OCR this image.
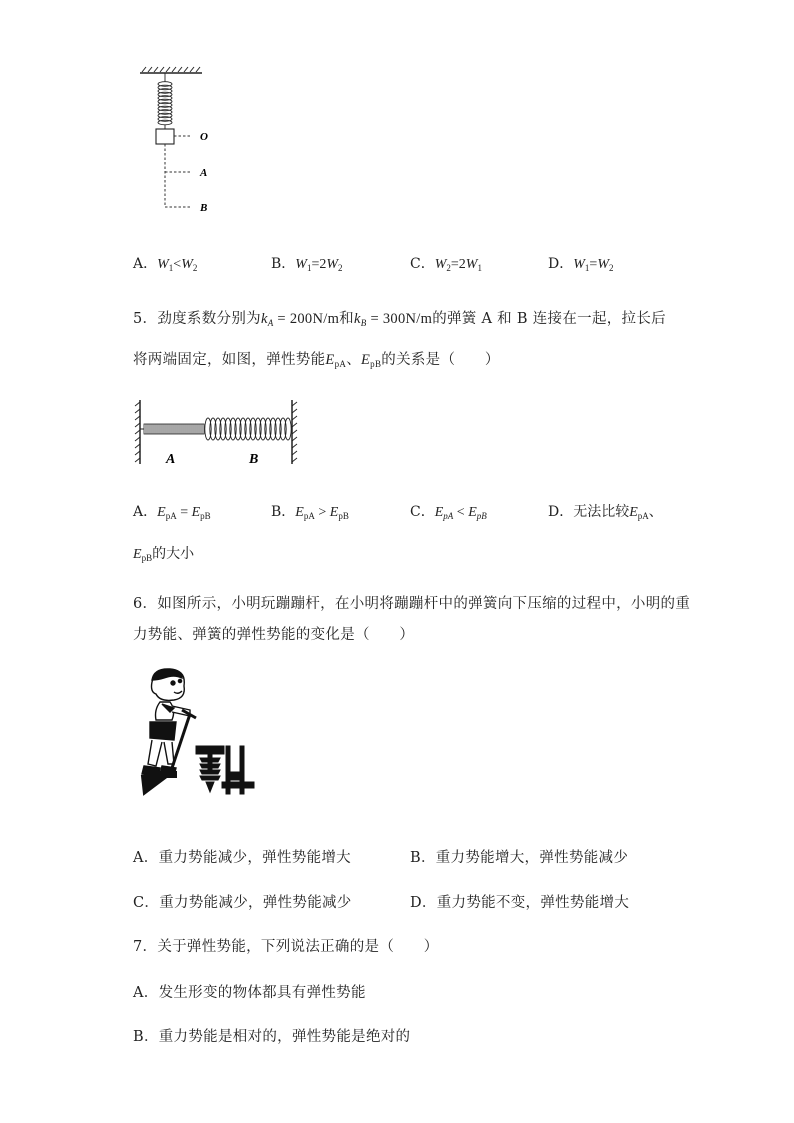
O
A
B
A．$W_1<W_2$	B．$W_1=2W_2$	C．$W_2=2W_1$	D．$W_1=W_2$
5．劲度系数分别为$k_A = 200N/m$和$k_B = 300N/m$的弹簧 A 和 B 连接在一起，拉长后
将两端固定，如图，弹性势能$E_{pA}$、$E_{pB}$的关系是（　　）
A	B
A．$E_{pA} = E_{pB}$	B．$E_{pA} > E_{pB}$	C．$E_{pA} < E_{pB}$	D．无法比较$E_{pA}$、
$E_{pB}$的大小
6．如图所示，小明玩蹦蹦杆，在小明将蹦蹦杆中的弹簧向下压缩的过程中，小明的重
力势能、弹簧的弹性势能的变化是（　　）
A．重力势能减少，弹性势能增大	B．重力势能增大，弹性势能减少
C．重力势能减少，弹性势能减少	D．重力势能不变，弹性势能增大
7．关于弹性势能，下列说法正确的是（　　）
A．发生形变的物体都具有弹性势能
B．重力势能是相对的，弹性势能是绝对的
